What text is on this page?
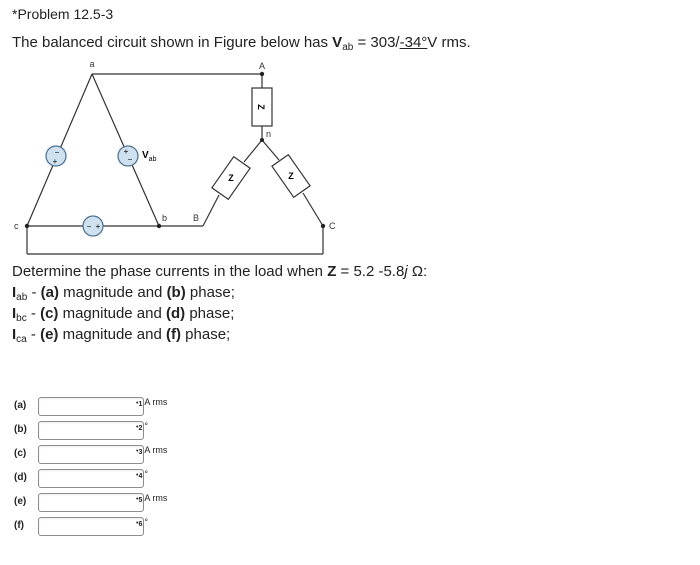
*Problem 12.5-3
The balanced circuit shown in Figure below has $V_{ab} = 303/-34^\circ V$ rms.
Z
Z	Z
−
+
+
−
− +
$V_{ab}$
a	A
n
b	B
c	C
Determine the phase currents in the load when Z = 5.2 -5.8j Ω:
$I_{ab} - (a)$ magnitude and (b) phase;
$I_{bc} - (c)$ magnitude and (d) phase;
$I_{ca} - (e)$ magnitude and (f) phase;
(a)	•1 A rms
(b)	•2 °
(c)	•3 A rms
(d)	•4 °
(e)	•5 A rms
(f)	•6 °
